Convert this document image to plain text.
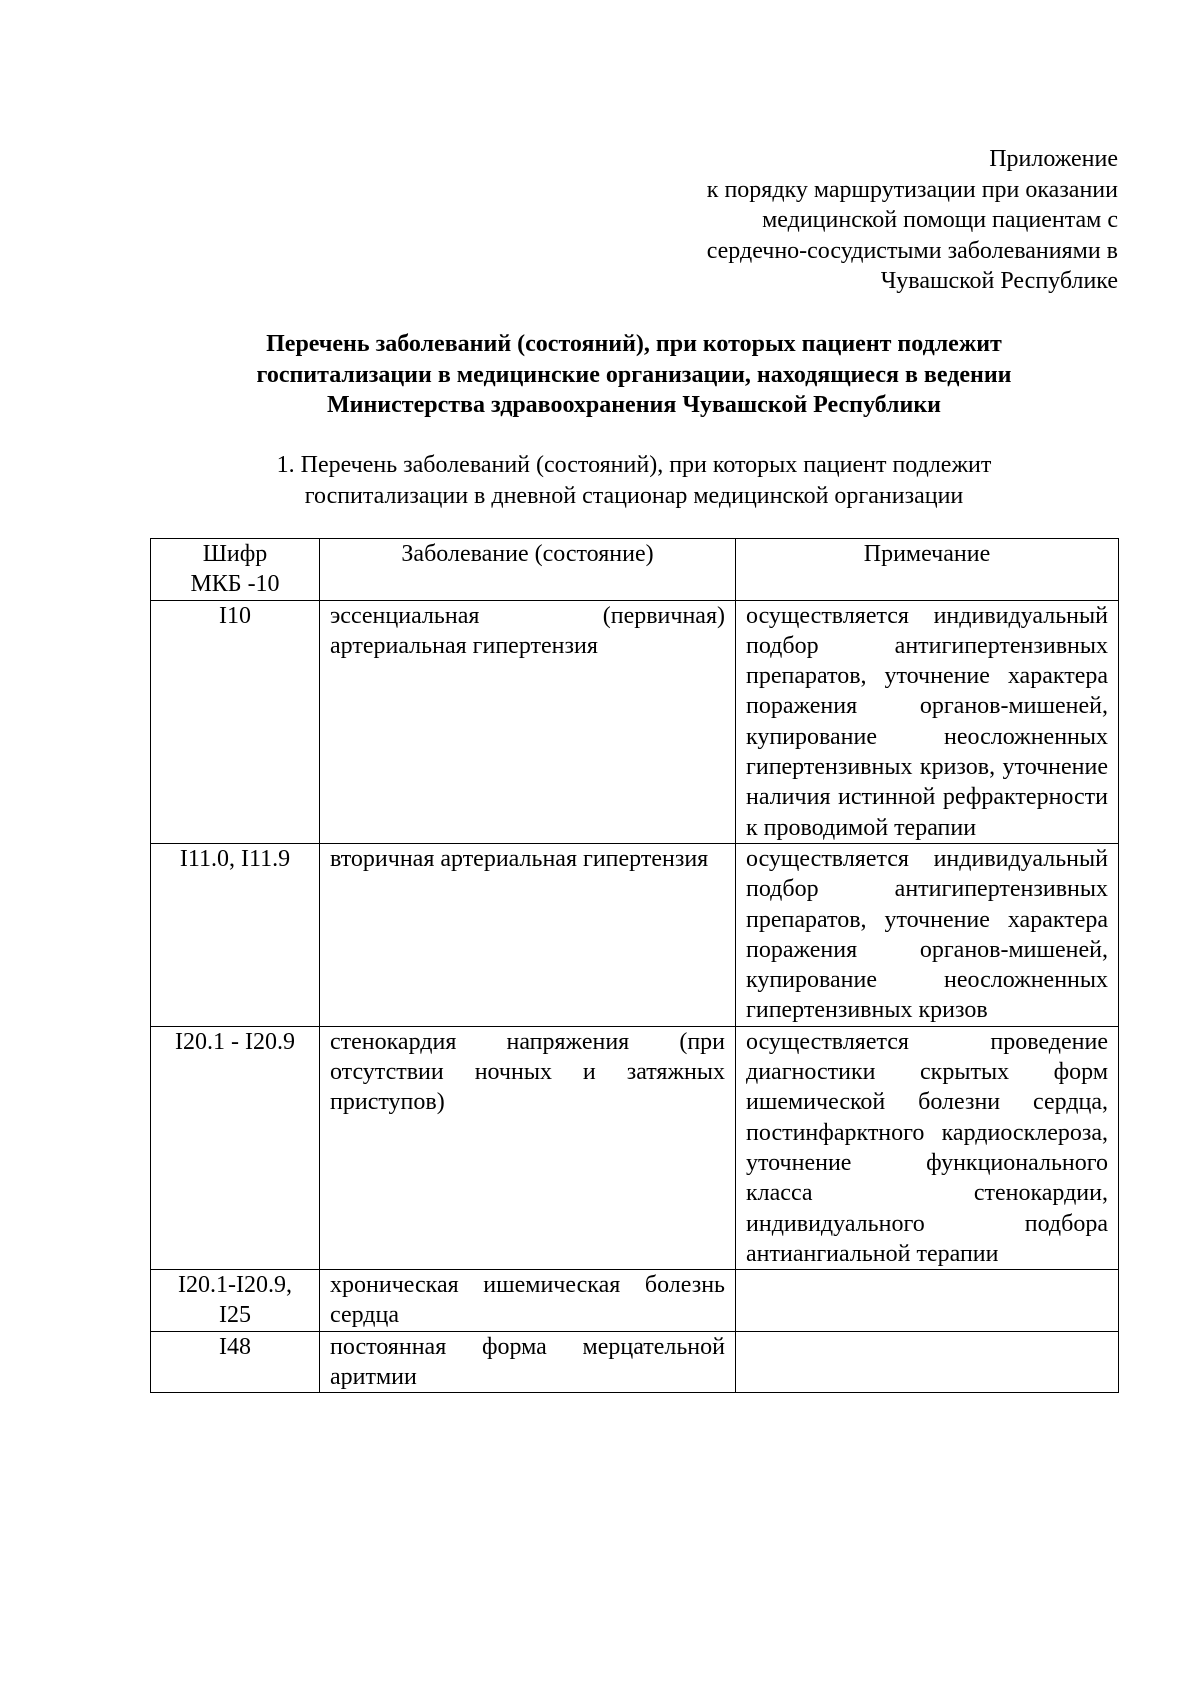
Приложение
к порядку маршрутизации при оказании
медицинской помощи пациентам с
сердечно-сосудистыми заболеваниями в
Чувашской Республике
Перечень заболеваний (состояний), при которых пациент подлежит
госпитализации в медицинские организации, находящиеся в ведении
Министерства здравоохранения Чувашской Республики
1. Перечень заболеваний (состояний), при которых пациент подлежит
госпитализации в дневной стационар медицинской организации
Шифр
МКБ -10	Заболевание (состояние)	Примечание
I10	эссенциальная (первичная) артериальная гипертензия	осуществляется индивидуальный подбор антигипертензивных препаратов, уточнение характера поражения органов-мишеней, купирование неосложненных гипертензивных кризов, уточнение наличия истинной рефрактерности к проводимой терапии
I11.0, I11.9	вторичная артериальная гипертензия	осуществляется индивидуальный подбор антигипертензивных препаратов, уточнение характера поражения органов-мишеней, купирование неосложненных гипертензивных кризов
I20.1 - I20.9	стенокардия напряжения (при отсутствии ночных и затяжных приступов)	осуществляется проведение диагностики скрытых форм ишемической болезни сердца, постинфарктного кардиосклероза, уточнение функционального класса стенокардии, индивидуального подбора антиангиальной терапии
I20.1-I20.9, I25	хроническая ишемическая болезнь сердца	
I48	постоянная форма мерцательной аритмии	
